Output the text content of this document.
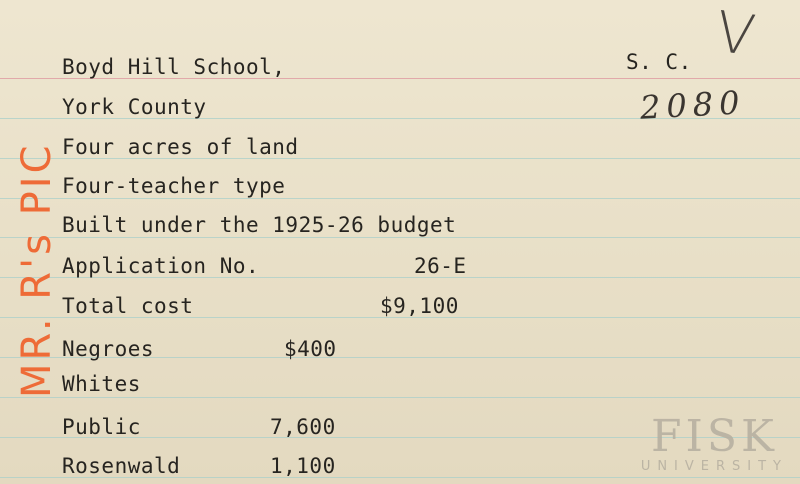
Boyd Hill School,
York County
Four acres of land
Four-teacher type
Built under the 1925-26 budget
Application No.	26-E
Total cost	$9,100
Negroes	$400
Whites
Public	7,600
Rosenwald	1,100
S. C. V
2080
MR. R's PIC
FISK
UNIVERSITY
